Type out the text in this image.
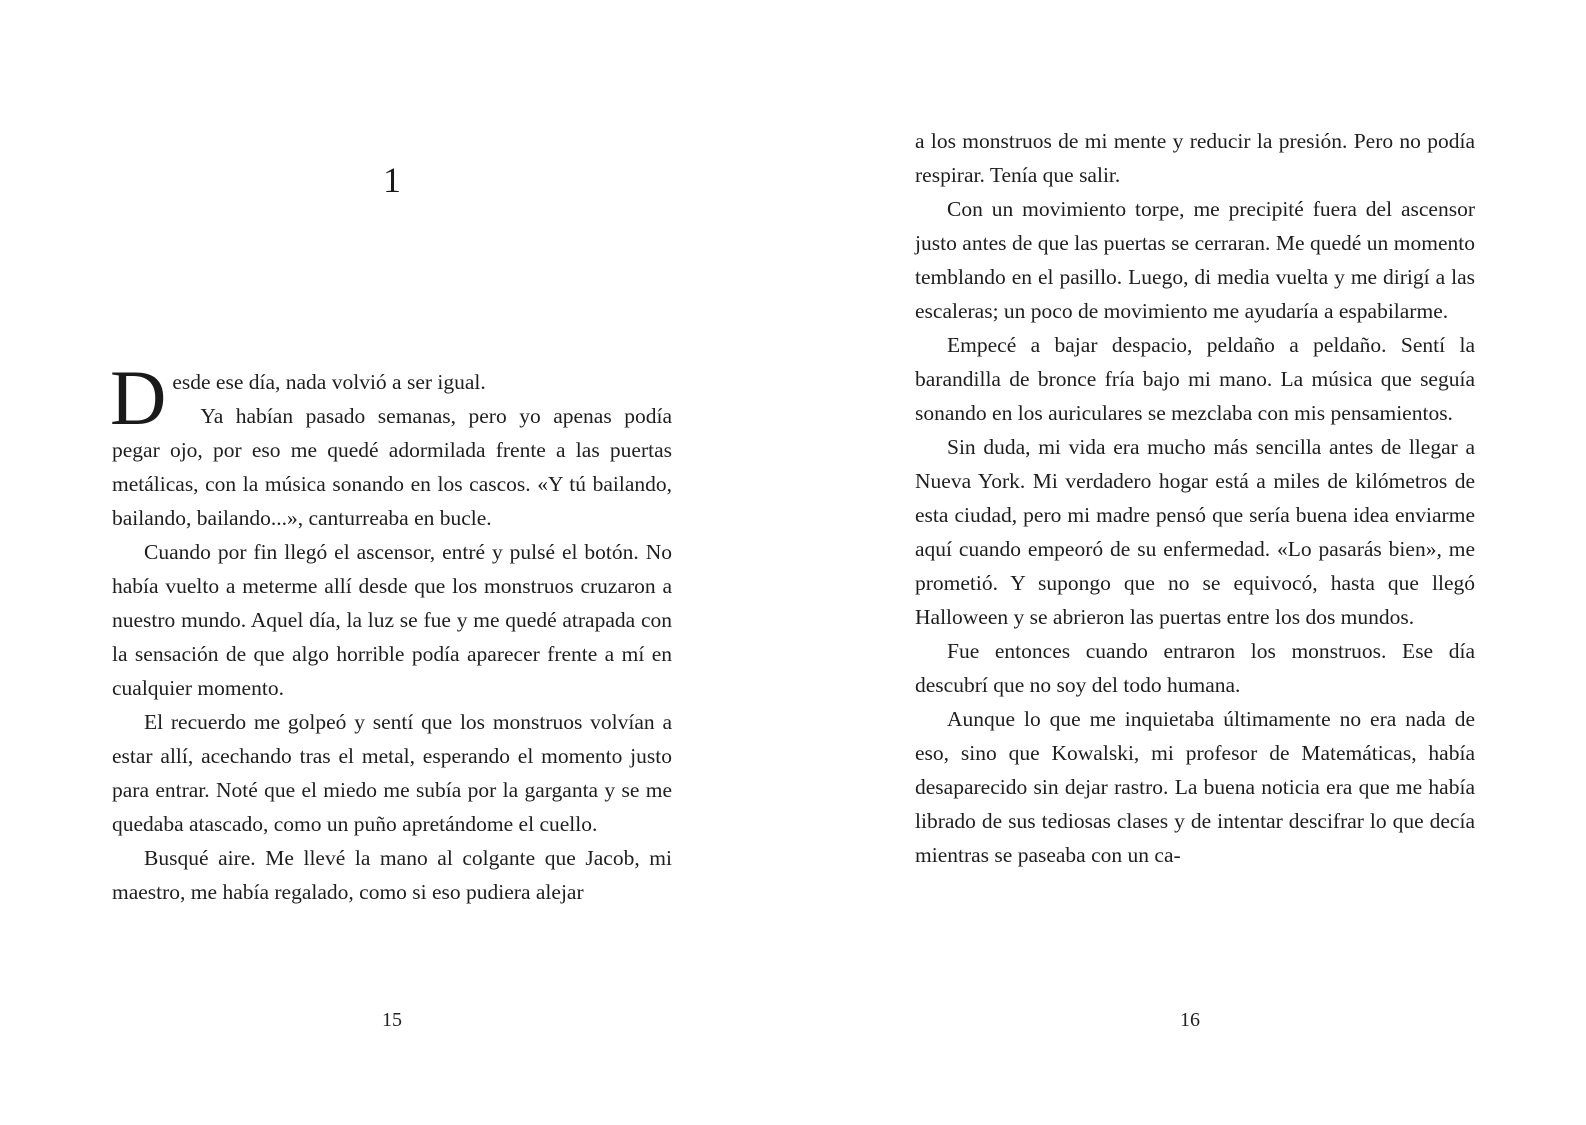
1

Desde ese día, nada volvió a ser igual.

Ya habían pasado semanas, pero yo apenas podía pegar ojo, por eso me quedé adormilada frente a las puertas metálicas, con la música sonando en los cascos. «Y tú bailando, bailando, bailando...», canturreaba en bucle.

Cuando por fin llegó el ascensor, entré y pulsé el botón. No había vuelto a meterme allí desde que los monstruos cruzaron a nuestro mundo. Aquel día, la luz se fue y me quedé atrapada con la sensación de que algo horrible podía aparecer frente a mí en cualquier momento.

El recuerdo me golpeó y sentí que los monstruos volvían a estar allí, acechando tras el metal, esperando el momento justo para entrar. Noté que el miedo me subía por la garganta y se me quedaba atascado, como un puño apretándome el cuello.

Busqué aire. Me llevé la mano al colgante que Jacob, mi maestro, me había regalado, como si eso pudiera alejar

15

a los monstruos de mi mente y reducir la presión. Pero no podía respirar. Tenía que salir.

Con un movimiento torpe, me precipité fuera del ascensor justo antes de que las puertas se cerraran. Me quedé un momento temblando en el pasillo. Luego, di media vuelta y me dirigí a las escaleras; un poco de movimiento me ayudaría a espabilarme.

Empecé a bajar despacio, peldaño a peldaño. Sentí la barandilla de bronce fría bajo mi mano. La música que seguía sonando en los auriculares se mezclaba con mis pensamientos.

Sin duda, mi vida era mucho más sencilla antes de llegar a Nueva York. Mi verdadero hogar está a miles de kilómetros de esta ciudad, pero mi madre pensó que sería buena idea enviarme aquí cuando empeoró de su enfermedad. «Lo pasarás bien», me prometió. Y supongo que no se equivocó, hasta que llegó Halloween y se abrieron las puertas entre los dos mundos.

Fue entonces cuando entraron los monstruos. Ese día descubrí que no soy del todo humana.

Aunque lo que me inquietaba últimamente no era nada de eso, sino que Kowalski, mi profesor de Matemáticas, había desaparecido sin dejar rastro. La buena noticia era que me había librado de sus tediosas clases y de intentar descifrar lo que decía mientras se paseaba con un ca-

16
